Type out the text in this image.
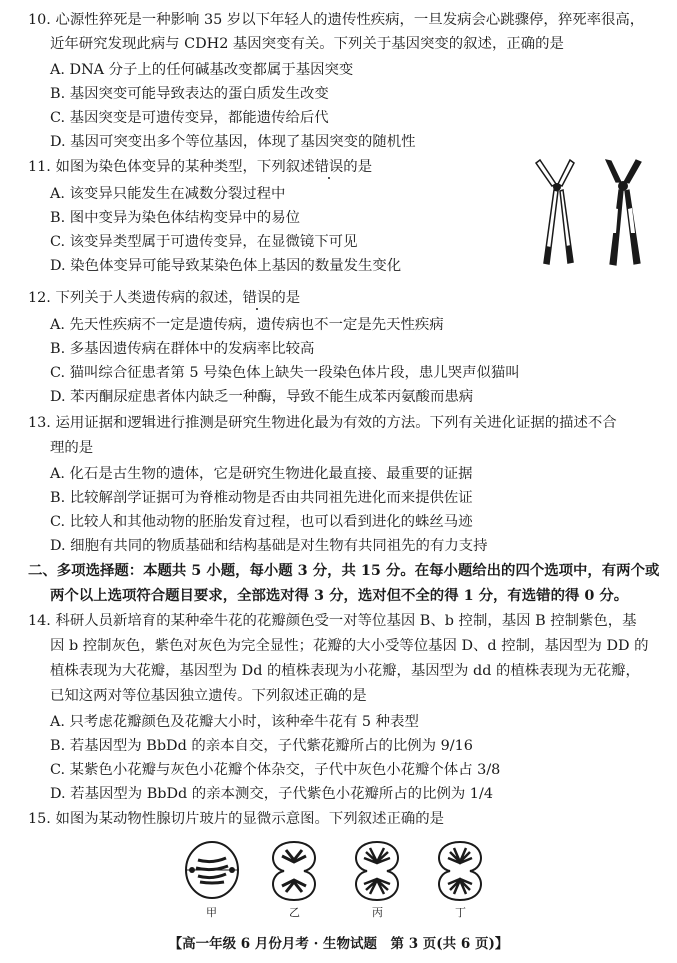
10. 心源性猝死是一种影响 35 岁以下年轻人的遗传性疾病，一旦发病会心跳骤停，猝死率很高，
近年研究发现此病与 CDH2 基因突变有关。下列关于基因突变的叙述，正确的是
A. DNA 分子上的任何碱基改变都属于基因突变
B. 基因突变可能导致表达的蛋白质发生改变
C. 基因突变是可遗传变异，都能遗传给后代
D. 基因可突变出多个等位基因，体现了基因突变的随机性
11. 如图为染色体变异的某种类型，下列叙述错误的是
A. 该变异只能发生在减数分裂过程中
B. 图中变异为染色体结构变异中的易位
C. 该变异类型属于可遗传变异，在显微镜下可见
D. 染色体变异可能导致某染色体上基因的数量发生变化
12. 下列关于人类遗传病的叙述，错误的是
A. 先天性疾病不一定是遗传病，遗传病也不一定是先天性疾病
B. 多基因遗传病在群体中的发病率比较高
C. 猫叫综合征患者第 5 号染色体上缺失一段染色体片段，患儿哭声似猫叫
D. 苯丙酮尿症患者体内缺乏一种酶，导致不能生成苯丙氨酸而患病
13. 运用证据和逻辑进行推测是研究生物进化最为有效的方法。下列有关进化证据的描述不合
理的是
A. 化石是古生物的遗体，它是研究生物进化最直接、最重要的证据
B. 比较解剖学证据可为脊椎动物是否由共同祖先进化而来提供佐证
C. 比较人和其他动物的胚胎发育过程，也可以看到进化的蛛丝马迹
D. 细胞有共同的物质基础和结构基础是对生物有共同祖先的有力支持
二、多项选择题：本题共 5 小题，每小题 3 分，共 15 分。在每小题给出的四个选项中，有两个或
两个以上选项符合题目要求，全部选对得 3 分，选对但不全的得 1 分，有选错的得 0 分。
14. 科研人员新培育的某种牵牛花的花瓣颜色受一对等位基因 B、b 控制，基因 B 控制紫色，基
因 b 控制灰色，紫色对灰色为完全显性；花瓣的大小受等位基因 D、d 控制，基因型为 DD 的
植株表现为大花瓣，基因型为 Dd 的植株表现为小花瓣，基因型为 dd 的植株表现为无花瓣，
已知这两对等位基因独立遗传。下列叙述正确的是
A. 只考虑花瓣颜色及花瓣大小时，该种牵牛花有 5 种表型
B. 若基因型为 BbDd 的亲本自交，子代紫花瓣所占的比例为 9/16
C. 某紫色小花瓣与灰色小花瓣个体杂交，子代中灰色小花瓣个体占 3/8
D. 若基因型为 BbDd 的亲本测交，子代紫色小花瓣所占的比例为 1/4
15. 如图为某动物性腺切片玻片的显微示意图。下列叙述正确的是
甲	乙	丙	丁
【高一年级 6 月份月考 · 生物试题　第 3 页(共 6 页)】
